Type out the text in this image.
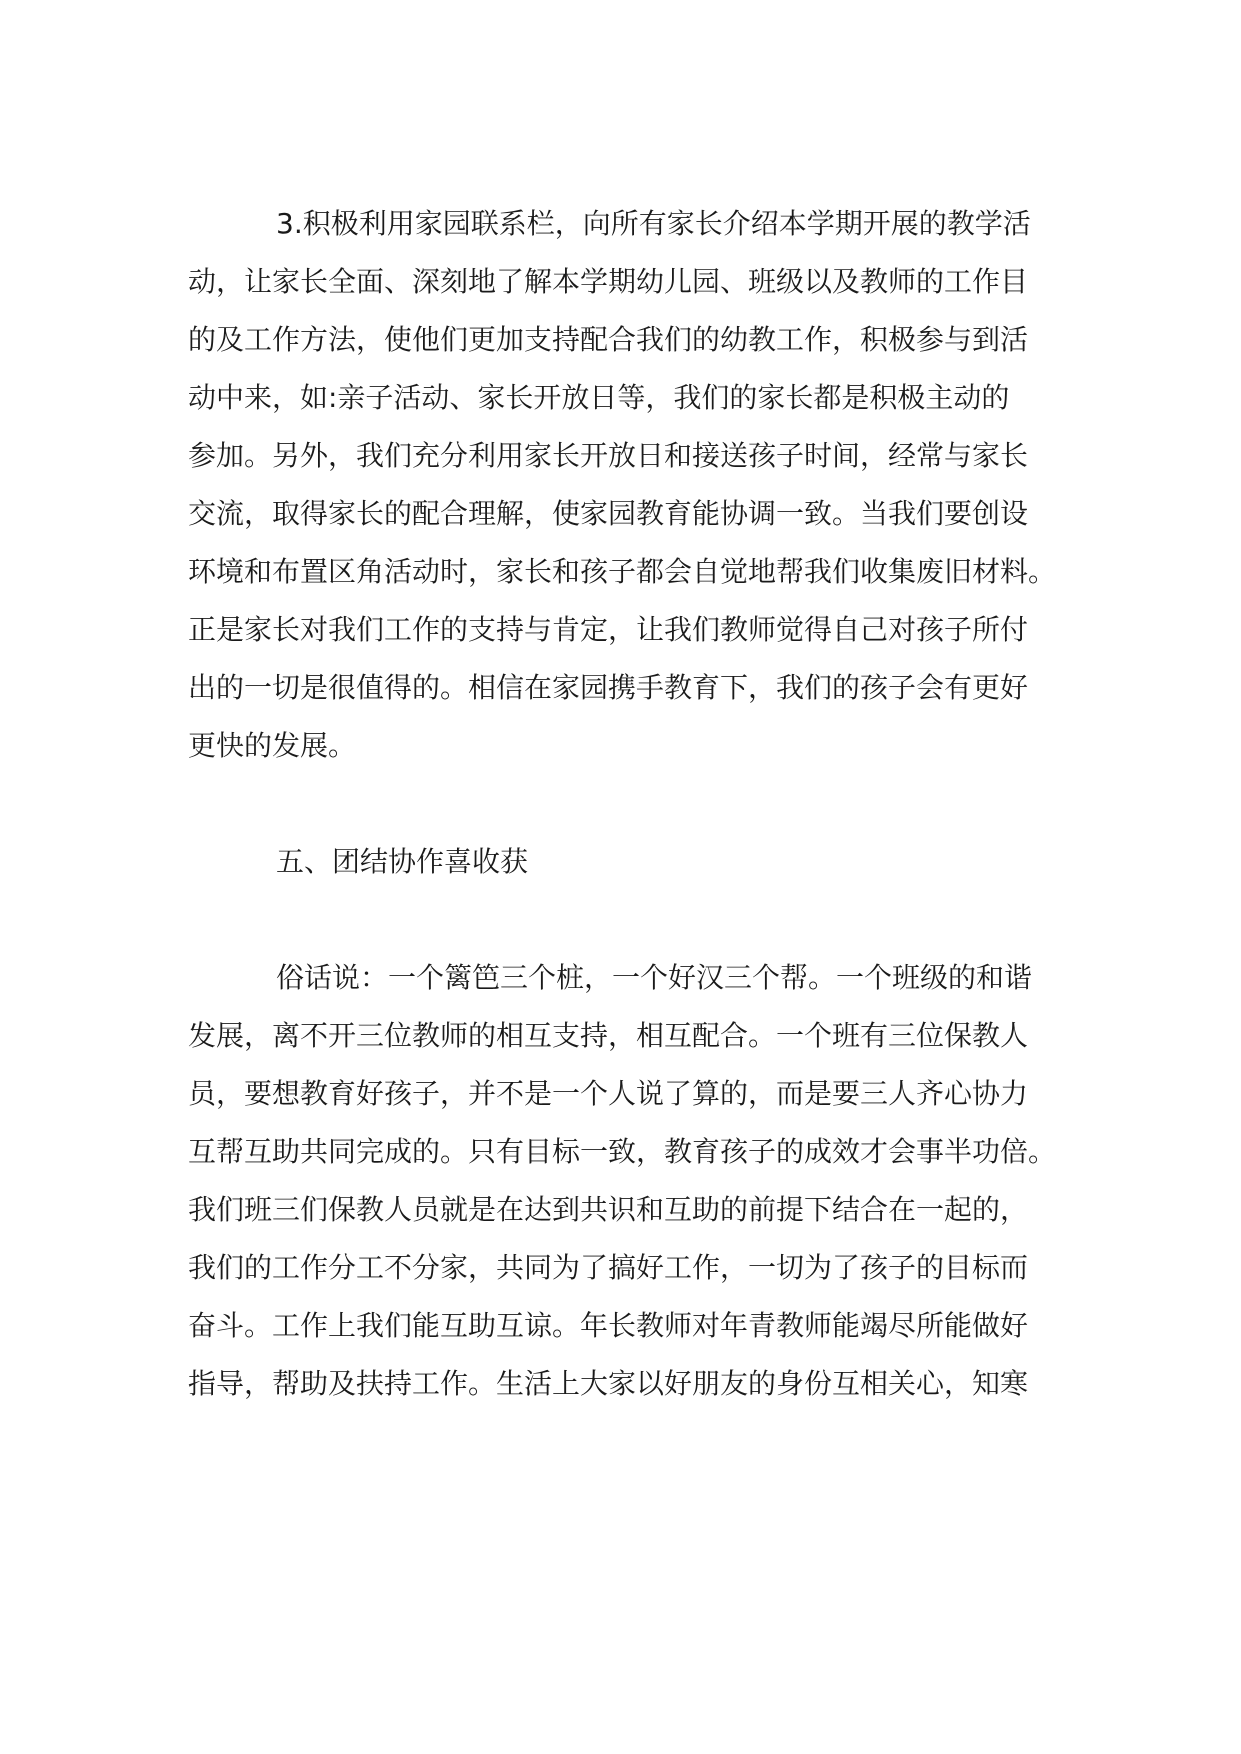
3.积极利用家园联系栏，向所有家长介绍本学期开展的教学活
动，让家长全面、深刻地了解本学期幼儿园、班级以及教师的工作目
的及工作方法，使他们更加支持配合我们的幼教工作，积极参与到活
动中来，如:亲子活动、家长开放日等，我们的家长都是积极主动的
参加。另外，我们充分利用家长开放日和接送孩子时间，经常与家长
交流，取得家长的配合理解，使家园教育能协调一致。当我们要创设
环境和布置区角活动时，家长和孩子都会自觉地帮我们收集废旧材料。
正是家长对我们工作的支持与肯定，让我们教师觉得自己对孩子所付
出的一切是很值得的。相信在家园携手教育下，我们的孩子会有更好
更快的发展。
五、团结协作喜收获
俗话说：一个篱笆三个桩，一个好汉三个帮。一个班级的和谐
发展，离不开三位教师的相互支持，相互配合。一个班有三位保教人
员，要想教育好孩子，并不是一个人说了算的，而是要三人齐心协力
互帮互助共同完成的。只有目标一致，教育孩子的成效才会事半功倍。
我们班三们保教人员就是在达到共识和互助的前提下结合在一起的，
我们的工作分工不分家，共同为了搞好工作，一切为了孩子的目标而
奋斗。工作上我们能互助互谅。年长教师对年青教师能竭尽所能做好
指导，帮助及扶持工作。生活上大家以好朋友的身份互相关心，知寒
